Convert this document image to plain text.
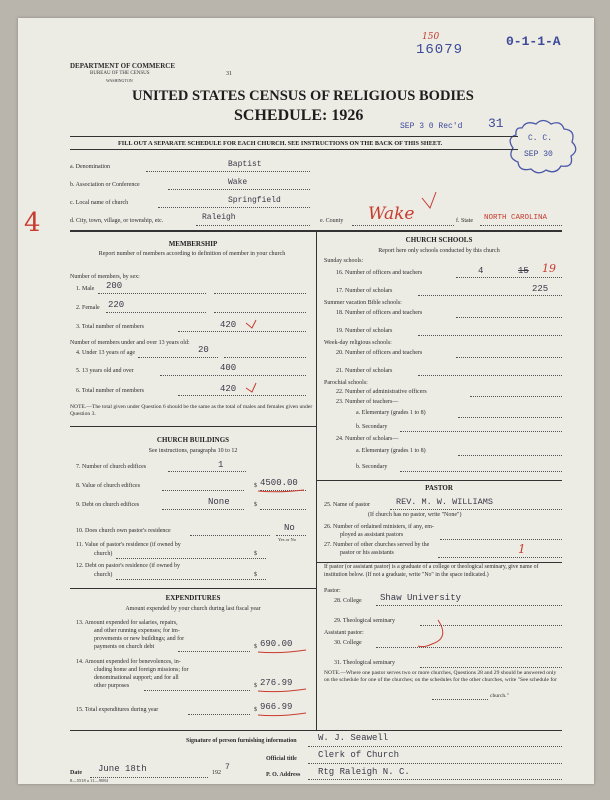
150
16079
0-1-1-A
DEPARTMENT OF COMMERCE
BUREAU OF THE CENSUS
WASHINGTON
31
UNITED STATES CENSUS OF RELIGIOUS BODIES
SCHEDULE: 1926
SEP 3 0 Rec'd 31
C. C.
SEP 30
FILL OUT A SEPARATE SCHEDULE FOR EACH CHURCH. SEE INSTRUCTIONS ON THE BACK OF THIS SHEET.
4
a. Denomination	Baptist
b. Association or Conference	Wake
c. Local name of church	Springfield
d. City, town, village, or township, etc.	Raleigh	e. County Wake	f. State NORTH CAROLINA
MEMBERSHIP
Report number of members according to definition of member in your church
Number of members, by sex:
1. Male 200
2. Female 220
3. Total number of members	420
Number of members under and over 13 years old:
4. Under 13 years of age	20
5. 13 years old and over	400
6. Total number of members	420
NOTE.—The total given under Question 6 should be the same as the total of males and females given under Question 3.
CHURCH BUILDINGS
See instructions, paragraphs 10 to 12
7. Number of church edifices	1
8. Value of church edifices	$ 4500.00
9. Debt on church edifices	None	$
10. Does church own pastor's residence	No
Yes or No
11. Value of pastor's residence (if owned by
church)	$
12. Debt on pastor's residence (if owned by
church)	$
EXPENDITURES
Amount expended by your church during last fiscal year
13. Amount expended for salaries, repairs,
and other running expenses; for im-
provements or new buildings; and for
payments on church debt	$ 690.00
14. Amount expended for benevolences, in-
cluding home and foreign missions; for
denominational support; and for all
other purposes	$ 276.99
15. Total expenditures during year	$ 966.99
CHURCH SCHOOLS
Report here only schools conducted by this church
Sunday schools:
16. Number of officers and teachers	4	15 19
17. Number of scholars	225
Summer vacation Bible schools:
18. Number of officers and teachers
19. Number of scholars
Week-day religious schools:
20. Number of officers and teachers
21. Number of scholars
Parochial schools:
22. Number of administrative officers
23. Number of teachers—
a. Elementary (grades 1 to 8)
b. Secondary
24. Number of scholars—
a. Elementary (grades 1 to 8)
b. Secondary
PASTOR
25. Name of pastor	REV. M. W. WILLIAMS
(If church has no pastor, write "None")
26. Number of ordained ministers, if any, em-
ployed as assistant pastors
27. Number of other churches served by the
pastor or his assistants	1
If pastor (or assistant pastor) is a graduate of a college or theological seminary, give name of institution below. (If not a graduate, write "No" in the space indicated.)
Pastor:
28. College Shaw University
29. Theological seminary
Assistant pastor:
30. College
31. Theological seminary
NOTE.—Where one pastor serves two or more churches, Questions 28 and 29 should be answered only on the schedule for one of the churches; on the schedules for the other churches, write "See schedule for
church."
Signature of person furnishing information W. J. Seawell
Official title Clerk of Church
Date June 18th	192
7
P. O. Address Rtg Raleigh N. C.
8—5518 a 11—9084
